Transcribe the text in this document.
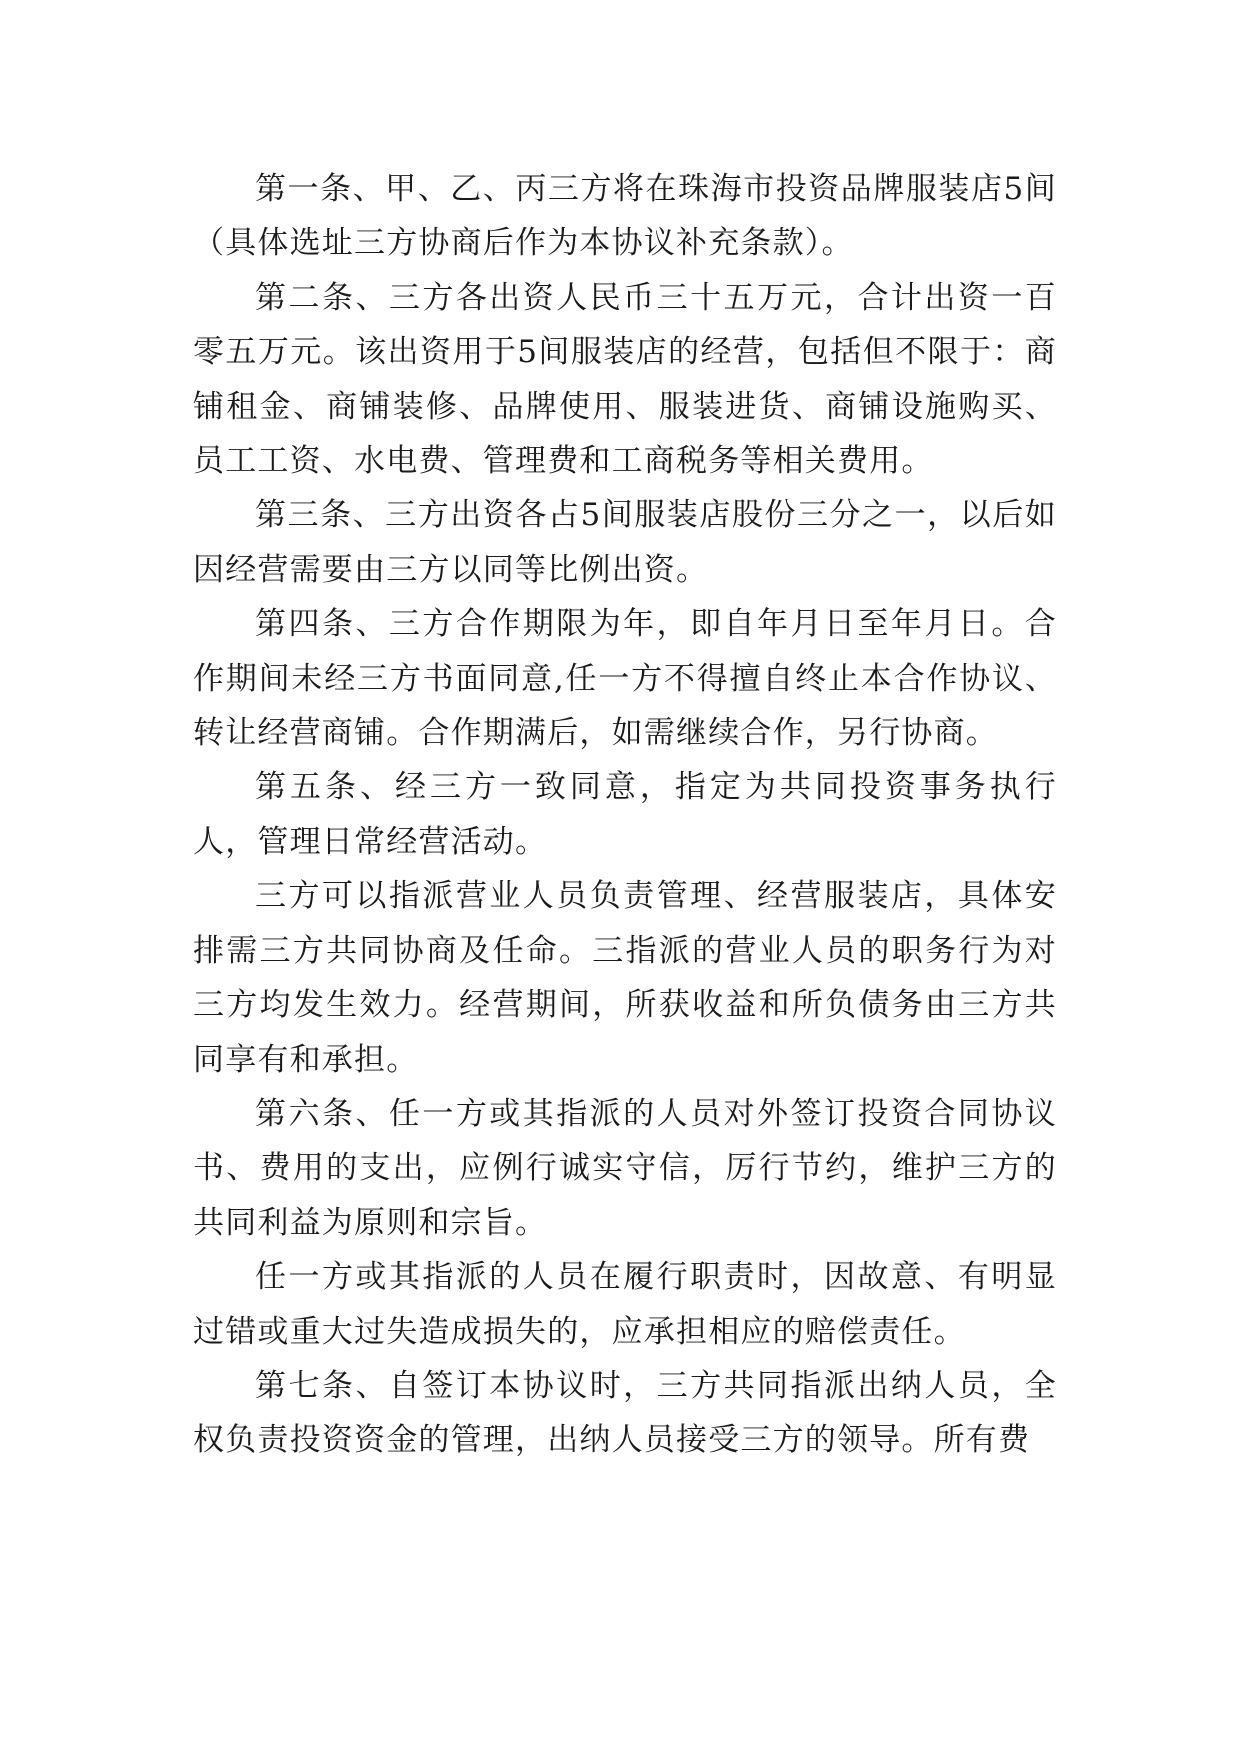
第一条、甲、乙、丙三方将在珠海市投资品牌服装店5间（具体选址三方协商后作为本协议补充条款）。

第二条、三方各出资人民币三十五万元，合计出资一百零五万元。该出资用于5间服装店的经营，包括但不限于：商铺租金、商铺装修、品牌使用、服装进货、商铺设施购买、员工工资、水电费、管理费和工商税务等相关费用。

第三条、三方出资各占5间服装店股份三分之一，以后如因经营需要由三方以同等比例出资。

第四条、三方合作期限为年，即自年月日至年月日。合作期间未经三方书面同意,任一方不得擅自终止本合作协议、转让经营商铺。合作期满后，如需继续合作，另行协商。

第五条、经三方一致同意，指定为共同投资事务执行人，管理日常经营活动。

三方可以指派营业人员负责管理、经营服装店，具体安排需三方共同协商及任命。三指派的营业人员的职务行为对三方均发生效力。经营期间，所获收益和所负债务由三方共同享有和承担。

第六条、任一方或其指派的人员对外签订投资合同协议书、费用的支出，应例行诚实守信，厉行节约，维护三方的共同利益为原则和宗旨。

任一方或其指派的人员在履行职责时，因故意、有明显过错或重大过失造成损失的，应承担相应的赔偿责任。

第七条、自签订本协议时，三方共同指派出纳人员，全权负责投资资金的管理，出纳人员接受三方的领导。所有费
